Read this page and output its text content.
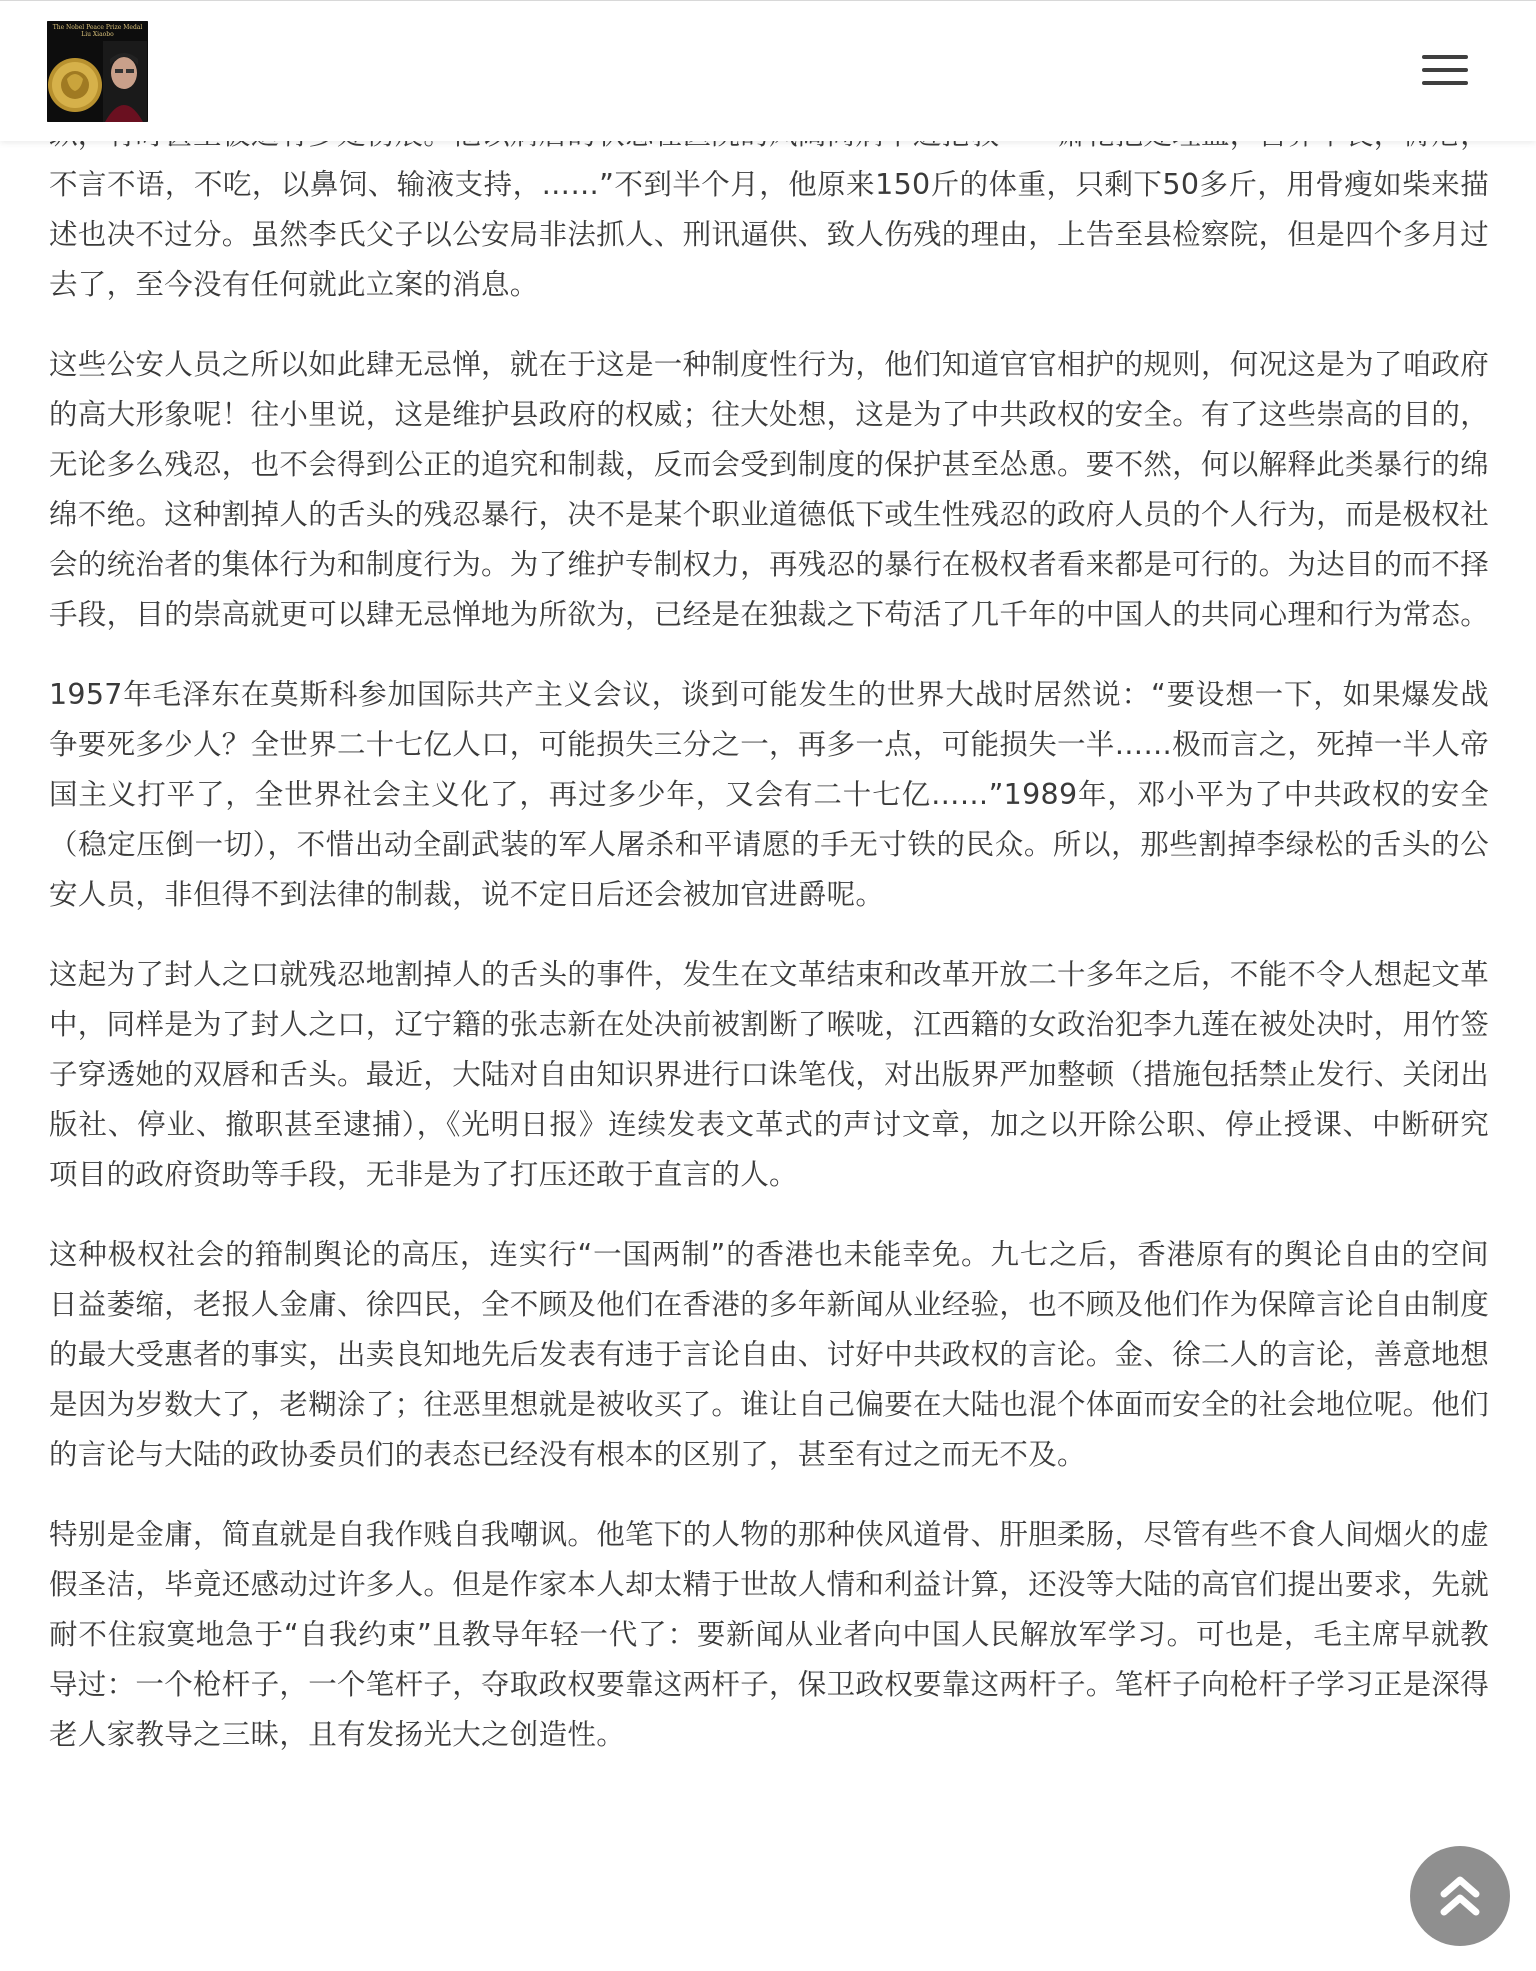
不言不语，不吃，以鼻饲、输液支持，……”不到半个月，他原来150斤的体重，只剩下50多斤，用骨瘦如柴来描述也决不过分。虽然李氏父子以公安局非法抓人、刑讯逼供、致人伤残的理由，上告至县检察院，但是四个多月过去了，至今没有任何就此立案的消息。

这些公安人员之所以如此肆无忌惮，就在于这是一种制度性行为，他们知道官官相护的规则，何况这是为了咱政府的高大形象呢！往小里说，这是维护县政府的权威；往大处想，这是为了中共政权的安全。有了这些崇高的目的，无论多么残忍，也不会得到公正的追究和制裁，反而会受到制度的保护甚至怂恿。要不然，何以解释此类暴行的绵绵不绝。这种割掉人的舌头的残忍暴行，决不是某个职业道德低下或生性残忍的政府人员的个人行为，而是极权社会的统治者的集体行为和制度行为。为了维护专制权力，再残忍的暴行在极权者看来都是可行的。为达目的而不择手段，目的崇高就更可以肆无忌惮地为所欲为，已经是在独裁之下苟活了几千年的中国人的共同心理和行为常态。

1957年毛泽东在莫斯科参加国际共产主义会议，谈到可能发生的世界大战时居然说：“要设想一下，如果爆发战争要死多少人？全世界二十七亿人口，可能损失三分之一，再多一点，可能损失一半……极而言之，死掉一半人帝国主义打平了，全世界社会主义化了，再过多少年，又会有二十七亿……”1989年，邓小平为了中共政权的安全（稳定压倒一切），不惜出动全副武装的军人屠杀和平请愿的手无寸铁的民众。所以，那些割掉李绿松的舌头的公安人员，非但得不到法律的制裁，说不定日后还会被加官进爵呢。

这起为了封人之口就残忍地割掉人的舌头的事件，发生在文革结束和改革开放二十多年之后，不能不令人想起文革中，同样是为了封人之口，辽宁籍的张志新在处决前被割断了喉咙，江西籍的女政治犯李九莲在被处决时，用竹签子穿透她的双唇和舌头。最近，大陆对自由知识界进行口诛笔伐，对出版界严加整顿（措施包括禁止发行、关闭出版社、停业、撤职甚至逮捕），《光明日报》连续发表文革式的声讨文章，加之以开除公职、停止授课、中断研究项目的政府资助等手段，无非是为了打压还敢于直言的人。

这种极权社会的箝制舆论的高压，连实行“一国两制”的香港也未能幸免。九七之后，香港原有的舆论自由的空间日益萎缩，老报人金庸、徐四民，全不顾及他们在香港的多年新闻从业经验，也不顾及他们作为保障言论自由制度的最大受惠者的事实，出卖良知地先后发表有违于言论自由、讨好中共政权的言论。金、徐二人的言论，善意地想是因为岁数大了，老糊涂了；往恶里想就是被收买了。谁让自己偏要在大陆也混个体面而安全的社会地位呢。他们的言论与大陆的政协委员们的表态已经没有根本的区别了，甚至有过之而无不及。

特别是金庸，简直就是自我作贱自我嘲讽。他笔下的人物的那种侠风道骨、肝胆柔肠，尽管有些不食人间烟火的虚假圣洁，毕竟还感动过许多人。但是作家本人却太精于世故人情和利益计算，还没等大陆的高官们提出要求，先就耐不住寂寞地急于“自我约束”且教导年轻一代了：要新闻从业者向中国人民解放军学习。可也是，毛主席早就教导过：一个枪杆子，一个笔杆子，夺取政权要靠这两杆子，保卫政权要靠这两杆子。笔杆子向枪杆子学习正是深得老人家教导之三昧，且有发扬光大之创造性。

The Nobel Peace Prize Medal Liu Xiaobo
